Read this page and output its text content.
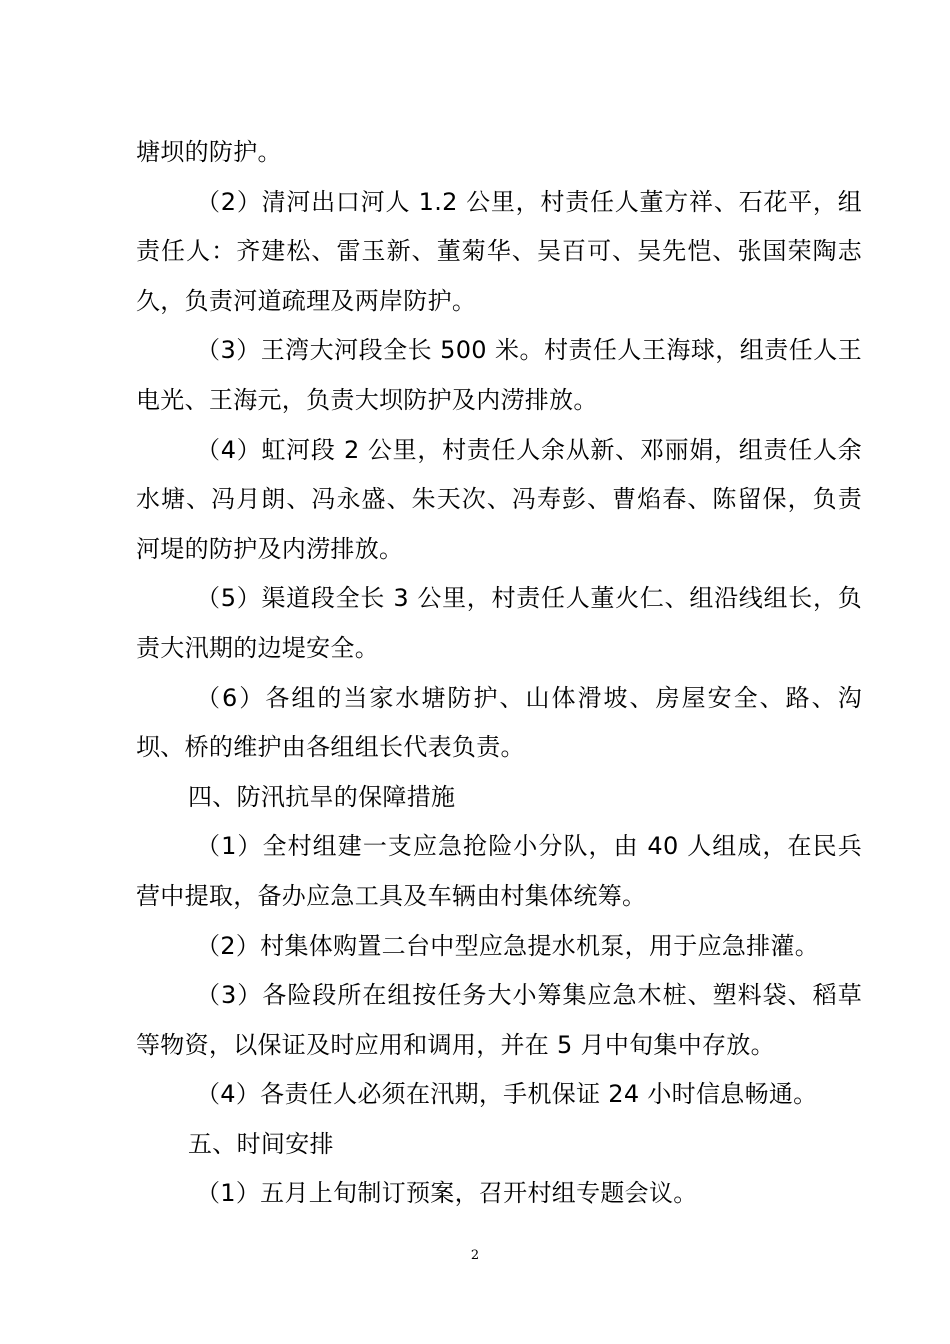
塘坝的防护。

（2）清河出口河人 1.2 公里，村责任人董方祥、石花平，组责任人：齐建松、雷玉新、董菊华、吴百可、吴先恺、张国荣陶志久，负责河道疏理及两岸防护。

（3）王湾大河段全长 500 米。村责任人王海球，组责任人王电光、王海元，负责大坝防护及内涝排放。

（4）虹河段 2 公里，村责任人余从新、邓丽娟，组责任人余水塘、冯月朗、冯永盛、朱天次、冯寿彭、曹焰春、陈留保，负责河堤的防护及内涝排放。

（5）渠道段全长 3 公里，村责任人董火仁、组沿线组长，负责大汛期的边堤安全。

（6）各组的当家水塘防护、山体滑坡、房屋安全、路、沟坝、桥的维护由各组组长代表负责。

四、防汛抗旱的保障措施

（1）全村组建一支应急抢险小分队，由 40 人组成，在民兵营中提取，备办应急工具及车辆由村集体统筹。

（2）村集体购置二台中型应急提水机泵，用于应急排灌。

（3）各险段所在组按任务大小筹集应急木桩、塑料袋、稻草等物资，以保证及时应用和调用，并在 5 月中旬集中存放。

（4）各责任人必须在汛期，手机保证 24 小时信息畅通。

五、时间安排

（1）五月上旬制订预案，召开村组专题会议。

2
